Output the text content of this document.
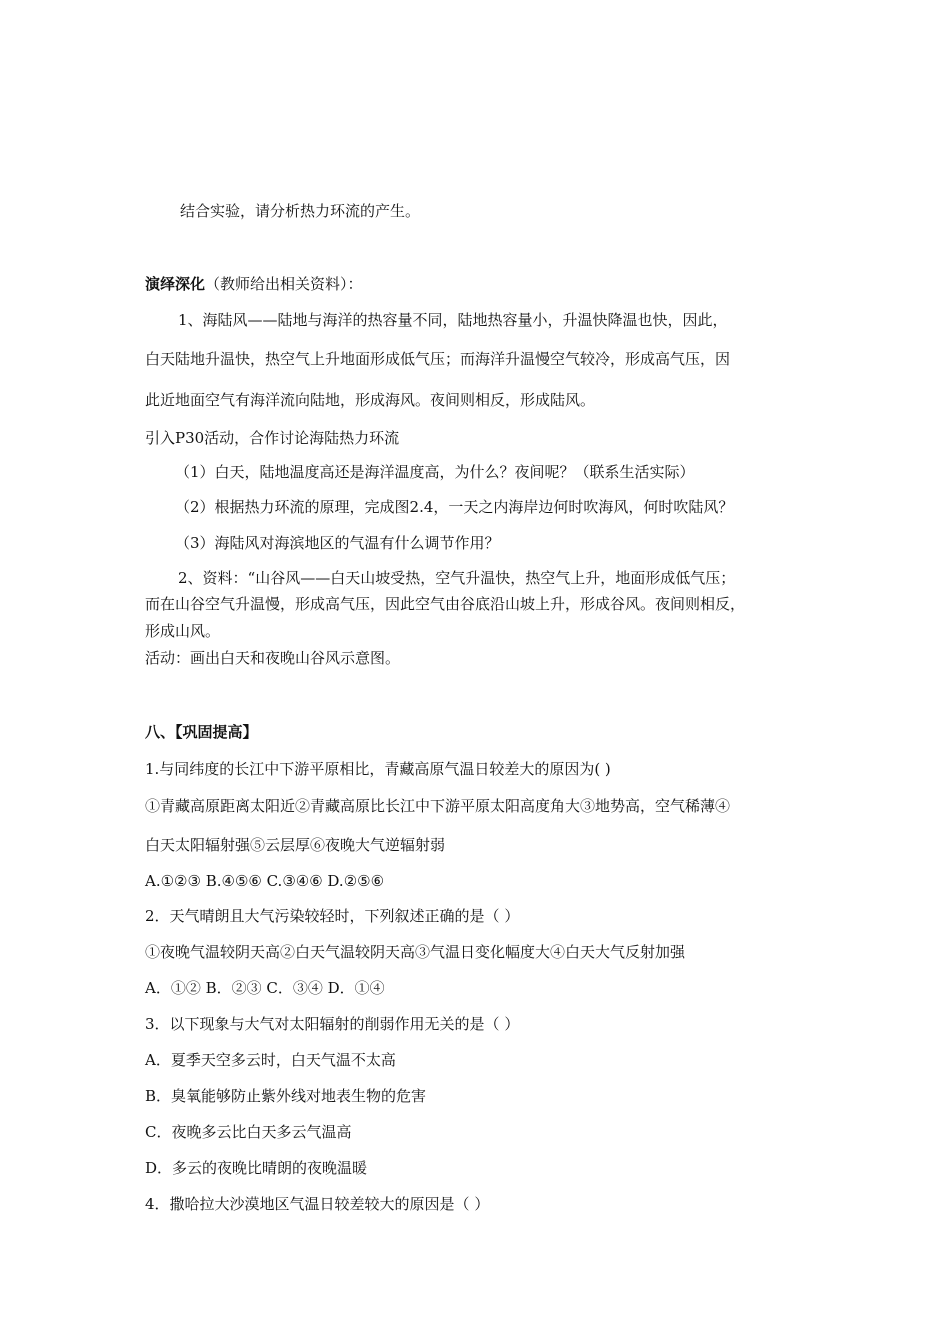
结合实验，请分析热力环流的产生。
演绎深化（教师给出相关资料）：
1、海陆风——陆地与海洋的热容量不同，陆地热容量小，升温快降温也快，因此，
白天陆地升温快，热空气上升地面形成低气压；而海洋升温慢空气较冷，形成高气压，因
此近地面空气有海洋流向陆地，形成海风。夜间则相反，形成陆风。
引入P30活动，合作讨论海陆热力环流
（1）白天，陆地温度高还是海洋温度高，为什么？夜间呢？（联系生活实际）
（2）根据热力环流的原理，完成图2.4，一天之内海岸边何时吹海风，何时吹陆风？
（3）海陆风对海滨地区的气温有什么调节作用？
2、资料：“山谷风——白天山坡受热，空气升温快，热空气上升，地面形成低气压；
而在山谷空气升温慢，形成高气压，因此空气由谷底沿山坡上升，形成谷风。夜间则相反，
形成山风。
活动：画出白天和夜晚山谷风示意图。
八、【巩固提高】
1.与同纬度的长江中下游平原相比，青藏高原气温日较差大的原因为( )
①青藏高原距离太阳近②青藏高原比长江中下游平原太阳高度角大③地势高，空气稀薄④
白天太阳辐射强⑤云层厚⑥夜晚大气逆辐射弱
A.①②③ B.④⑤⑥ C.③④⑥ D.②⑤⑥
2．天气晴朗且大气污染较轻时，下列叙述正确的是（ ）
①夜晚气温较阴天高②白天气温较阴天高③气温日变化幅度大④白天大气反射加强
A．①② B．②③ C．③④ D．①④
3．以下现象与大气对太阳辐射的削弱作用无关的是（ ）
A．夏季天空多云时，白天气温不太高
B．臭氧能够防止紫外线对地表生物的危害
C．夜晚多云比白天多云气温高
D．多云的夜晚比晴朗的夜晚温暖
4．撒哈拉大沙漠地区气温日较差较大的原因是（ ）
